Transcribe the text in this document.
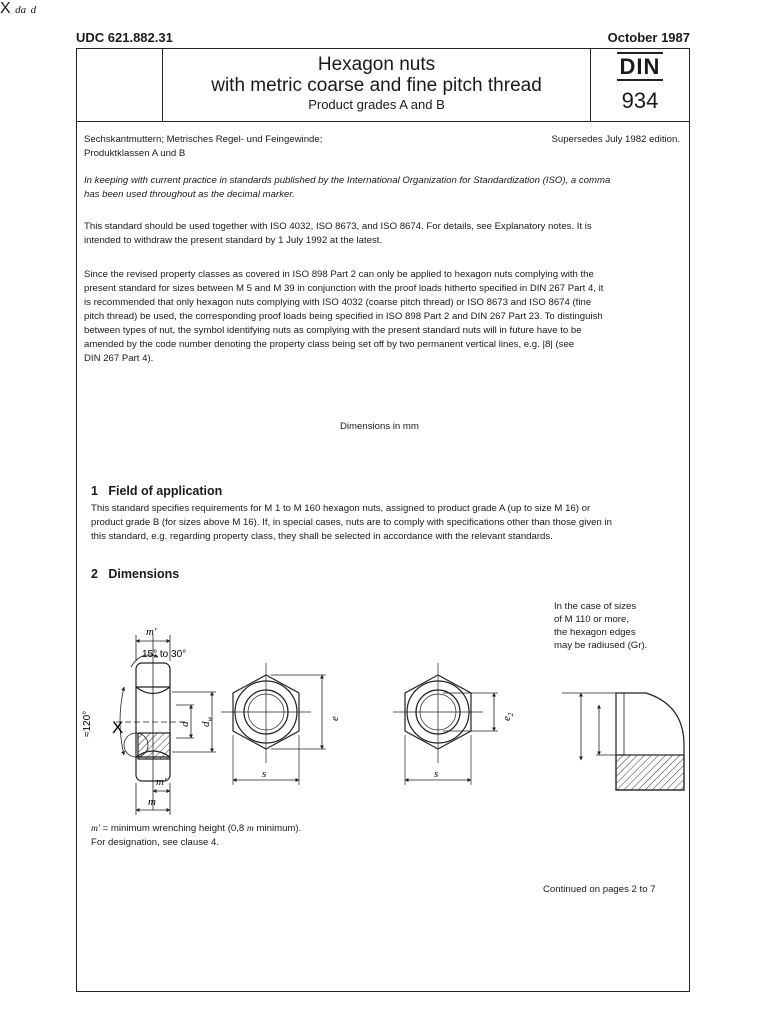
UDC 621.882.31	October 1987
Hexagon nuts
with metric coarse and fine pitch thread
Product grades A and B
DIN
934
Sechskantmuttern; Metrisches Regel- und Feingewinde;
Produktklassen A und B
Supersedes July 1982 edition.
In keeping with current practice in standards published by the International Organization for Standardization (ISO), a comma
has been used throughout as the decimal marker.
This standard should be used together with ISO 4032, ISO 8673, and ISO 8674. For details, see Explanatory notes. It is
intended to withdraw the present standard by 1 July 1992 at the latest.
Since the revised property classes as covered in ISO 898 Part 2 can only be applied to hexagon nuts complying with the
present standard for sizes between M 5 and M 39 in conjunction with the proof loads hitherto specified in DIN 267 Part 4, it
is recommended that only hexagon nuts complying with ISO 4032 (coarse pitch thread) or ISO 8673 and ISO 8674 (fine
pitch thread) be used, the corresponding proof loads being specified in ISO 898 Part 2 and DIN 267 Part 23. To distinguish
between types of nut, the symbol identifying nuts as complying with the present standard nuts will in future have to be
amended by the code number denoting the property class being set off by two permanent vertical lines, e.g. |8| (see
DIN 267 Part 4).
Dimensions in mm
1 Field of application
This standard specifies requirements for M 1 to M 160 hexagon nuts, assigned to product grade A (up to size M 16) or
product grade B (for sizes above M 16). If, in special cases, nuts are to comply with specifications other than those given in
this standard, e.g. regarding property class, they shall be selected in accordance with the relevant standards.
2 Dimensions
m'
15° to 30°
≈120° X	d $d_w$
m'
m
s
e
s
$e_2$
X da d
In the case of sizes
of M 110 or more,
the hexagon edges
may be radiused (Gr).
m' = minimum wrenching height (0,8 m minimum).
For designation, see clause 4.
Continued on pages 2 to 7
